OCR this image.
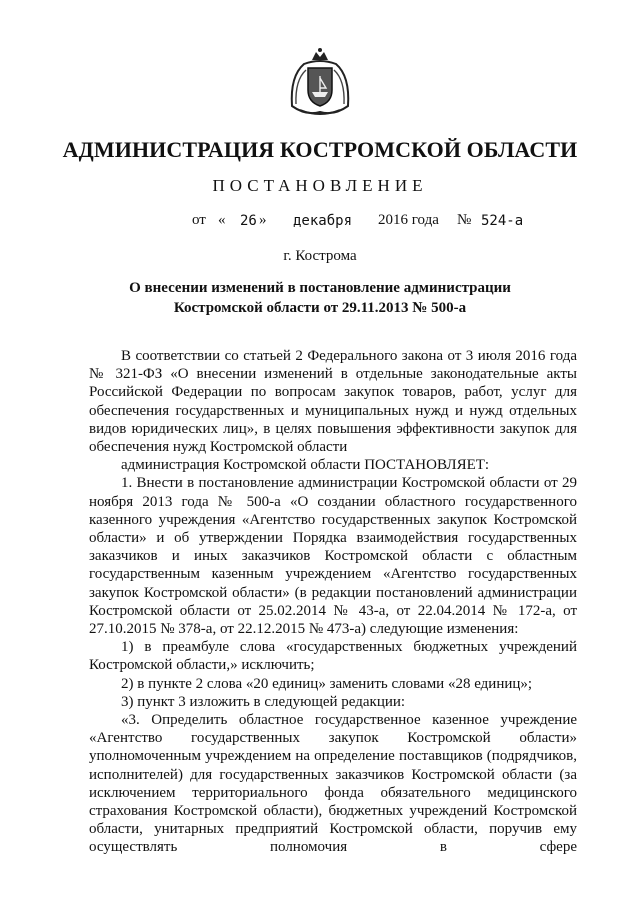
АДМИНИСТРАЦИЯ КОСТРОМСКОЙ ОБЛАСТИ
ПОСТАНОВЛЕНИЕ
от « 26 » декабря 2016 года № 524-а
г. Кострома
О внесении изменений в постановление администрации
Костромской области от 29.11.2013 № 500-а

В соответствии со статьей 2 Федерального закона от 3 июля 2016 года № 321-ФЗ «О внесении изменений в отдельные законодательные акты Российской Федерации по вопросам закупок товаров, работ, услуг для обеспечения государственных и муниципальных нужд и нужд отдельных видов юридических лиц», в целях повышения эффективности закупок для обеспечения нужд Костромской области

администрация Костромской области ПОСТАНОВЛЯЕТ:

1. Внести в постановление администрации Костромской области от 29 ноября 2013 года № 500-а «О создании областного государственного казенного учреждения «Агентство государственных закупок Костромской области» и об утверждении Порядка взаимодействия государственных заказчиков и иных заказчиков Костромской области с областным государственным казенным учреждением «Агентство государственных закупок Костромской области» (в редакции постановлений администрации Костромской области от 25.02.2014 № 43-а, от 22.04.2014 № 172-а, от 27.10.2015 № 378-а, от 22.12.2015 № 473-а) следующие изменения:

1) в преамбуле слова «государственных бюджетных учреждений Костромской области,» исключить;

2) в пункте 2 слова «20 единиц» заменить словами «28 единиц»;

3) пункт 3 изложить в следующей редакции:

«3. Определить областное государственное казенное учреждение «Агентство государственных закупок Костромской области» уполномоченным учреждением на определение поставщиков (подрядчиков, исполнителей) для государственных заказчиков Костромской области (за исключением территориального фонда обязательного медицинского страхования Костромской области), бюджетных учреждений Костромской области, унитарных предприятий Костромской области, поручив ему осуществлять полномочия в сфере
